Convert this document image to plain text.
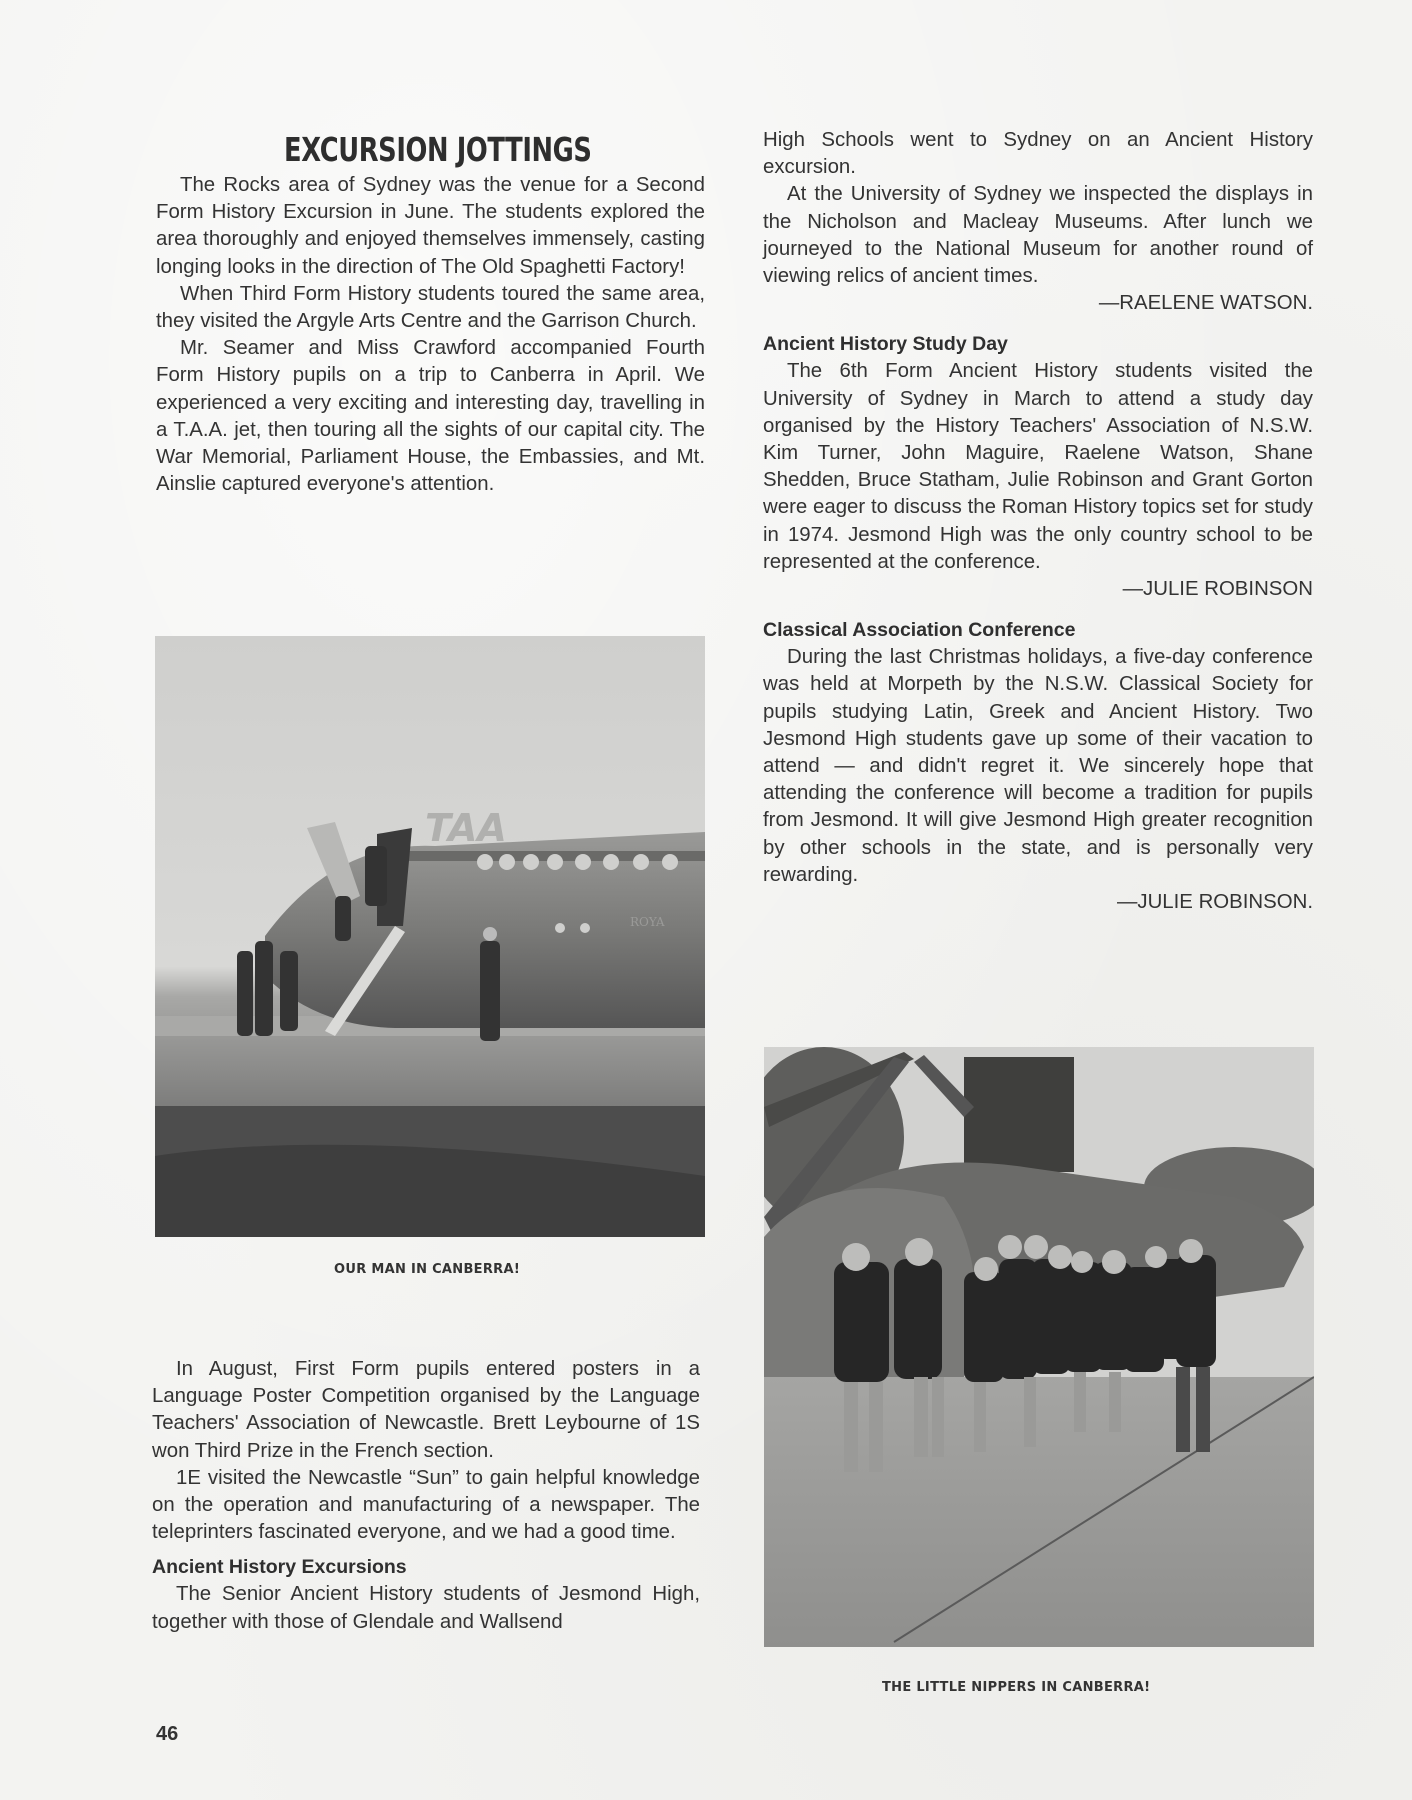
EXCURSION JOTTINGS

The Rocks area of Sydney was the venue for a Second Form History Excursion in June. The students explored the area thoroughly and enjoyed themselves immensely, casting longing looks in the direction of The Old Spaghetti Factory!

When Third Form History students toured the same area, they visited the Argyle Arts Centre and the Garrison Church.

Mr. Seamer and Miss Crawford accompanied Fourth Form History pupils on a trip to Canberra in April. We experienced a very exciting and interesting day, travelling in a T.A.A. jet, then touring all the sights of our capital city. The War Memorial, Parliament House, the Embassies, and Mt. Ainslie captured everyone's attention.

TAA
ROYA
OUR MAN IN CANBERRA!

In August, First Form pupils entered posters in a Language Poster Competition organised by the Language Teachers' Association of Newcastle. Brett Leybourne of 1S won Third Prize in the French section.

1E visited the Newcastle “Sun” to gain helpful knowledge on the operation and manufacturing of a newspaper. The teleprinters fascinated everyone, and we had a good time.

Ancient History Excursions

The Senior Ancient History students of Jesmond High, together with those of Glendale and Wallsend

46

High Schools went to Sydney on an Ancient History excursion.

At the University of Sydney we inspected the displays in the Nicholson and Macleay Museums. After lunch we journeyed to the National Museum for another round of viewing relics of ancient times.

—RAELENE WATSON.

Ancient History Study Day

The 6th Form Ancient History students visited the University of Sydney in March to attend a study day organised by the History Teachers' Association of N.S.W. Kim Turner, John Maguire, Raelene Watson, Shane Shedden, Bruce Statham, Julie Robinson and Grant Gorton were eager to discuss the Roman History topics set for study in 1974. Jesmond High was the only country school to be represented at the conference.

—JULIE ROBINSON

Classical Association Conference

During the last Christmas holidays, a five-day conference was held at Morpeth by the N.S.W. Classical Society for pupils studying Latin, Greek and Ancient History. Two Jesmond High students gave up some of their vacation to attend — and didn't regret it. We sincerely hope that attending the conference will become a tradition for pupils from Jesmond. It will give Jesmond High greater recognition by other schools in the state, and is personally very rewarding.

—JULIE ROBINSON.

THE LITTLE NIPPERS IN CANBERRA!
